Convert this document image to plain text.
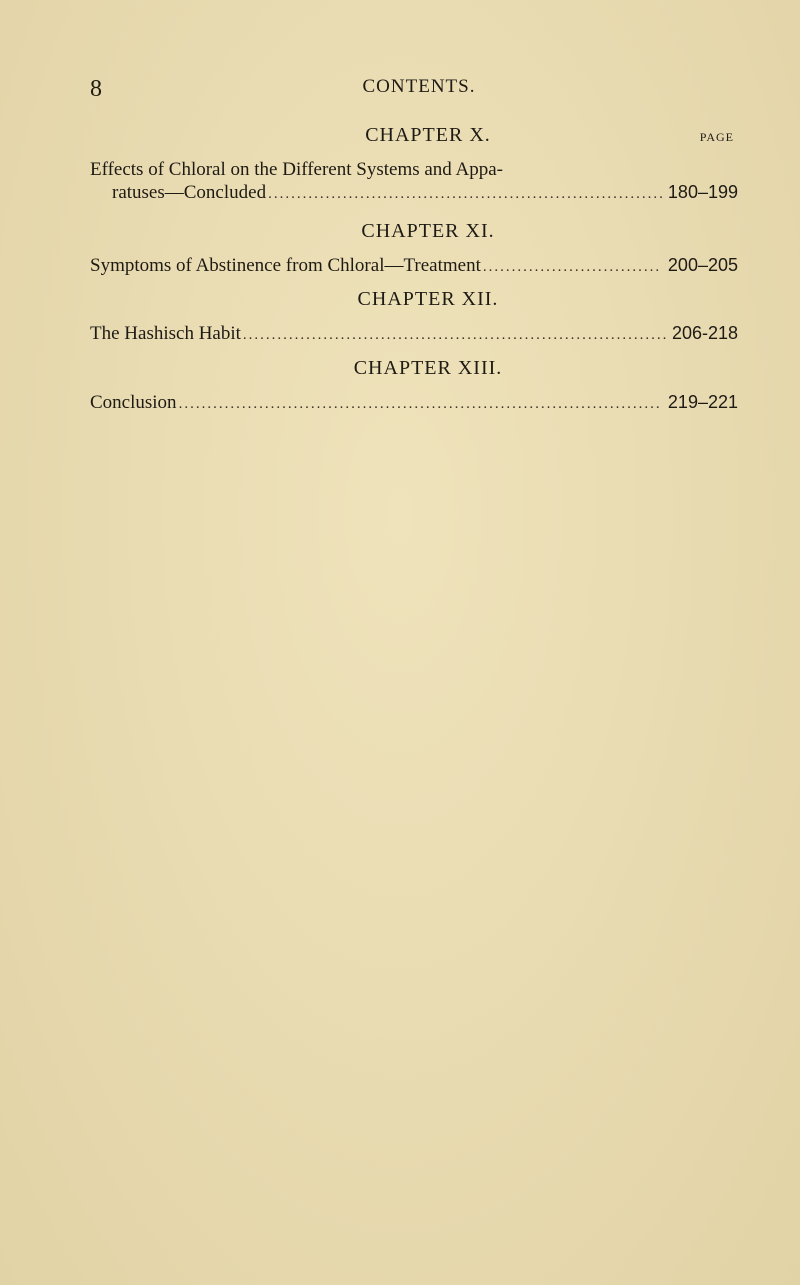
8	CONTENTS.
CHAPTER X.	PAGE
Effects of Chloral on the Different Systems and Appa-
ratuses—Concluded .....	180–199
CHAPTER XI.
Symptoms of Abstinence from Chloral—Treatment .....	200–205
CHAPTER XII.
The Hashisch Habit .....	206-218
CHAPTER XIII.
Conclusion .....	219–221
